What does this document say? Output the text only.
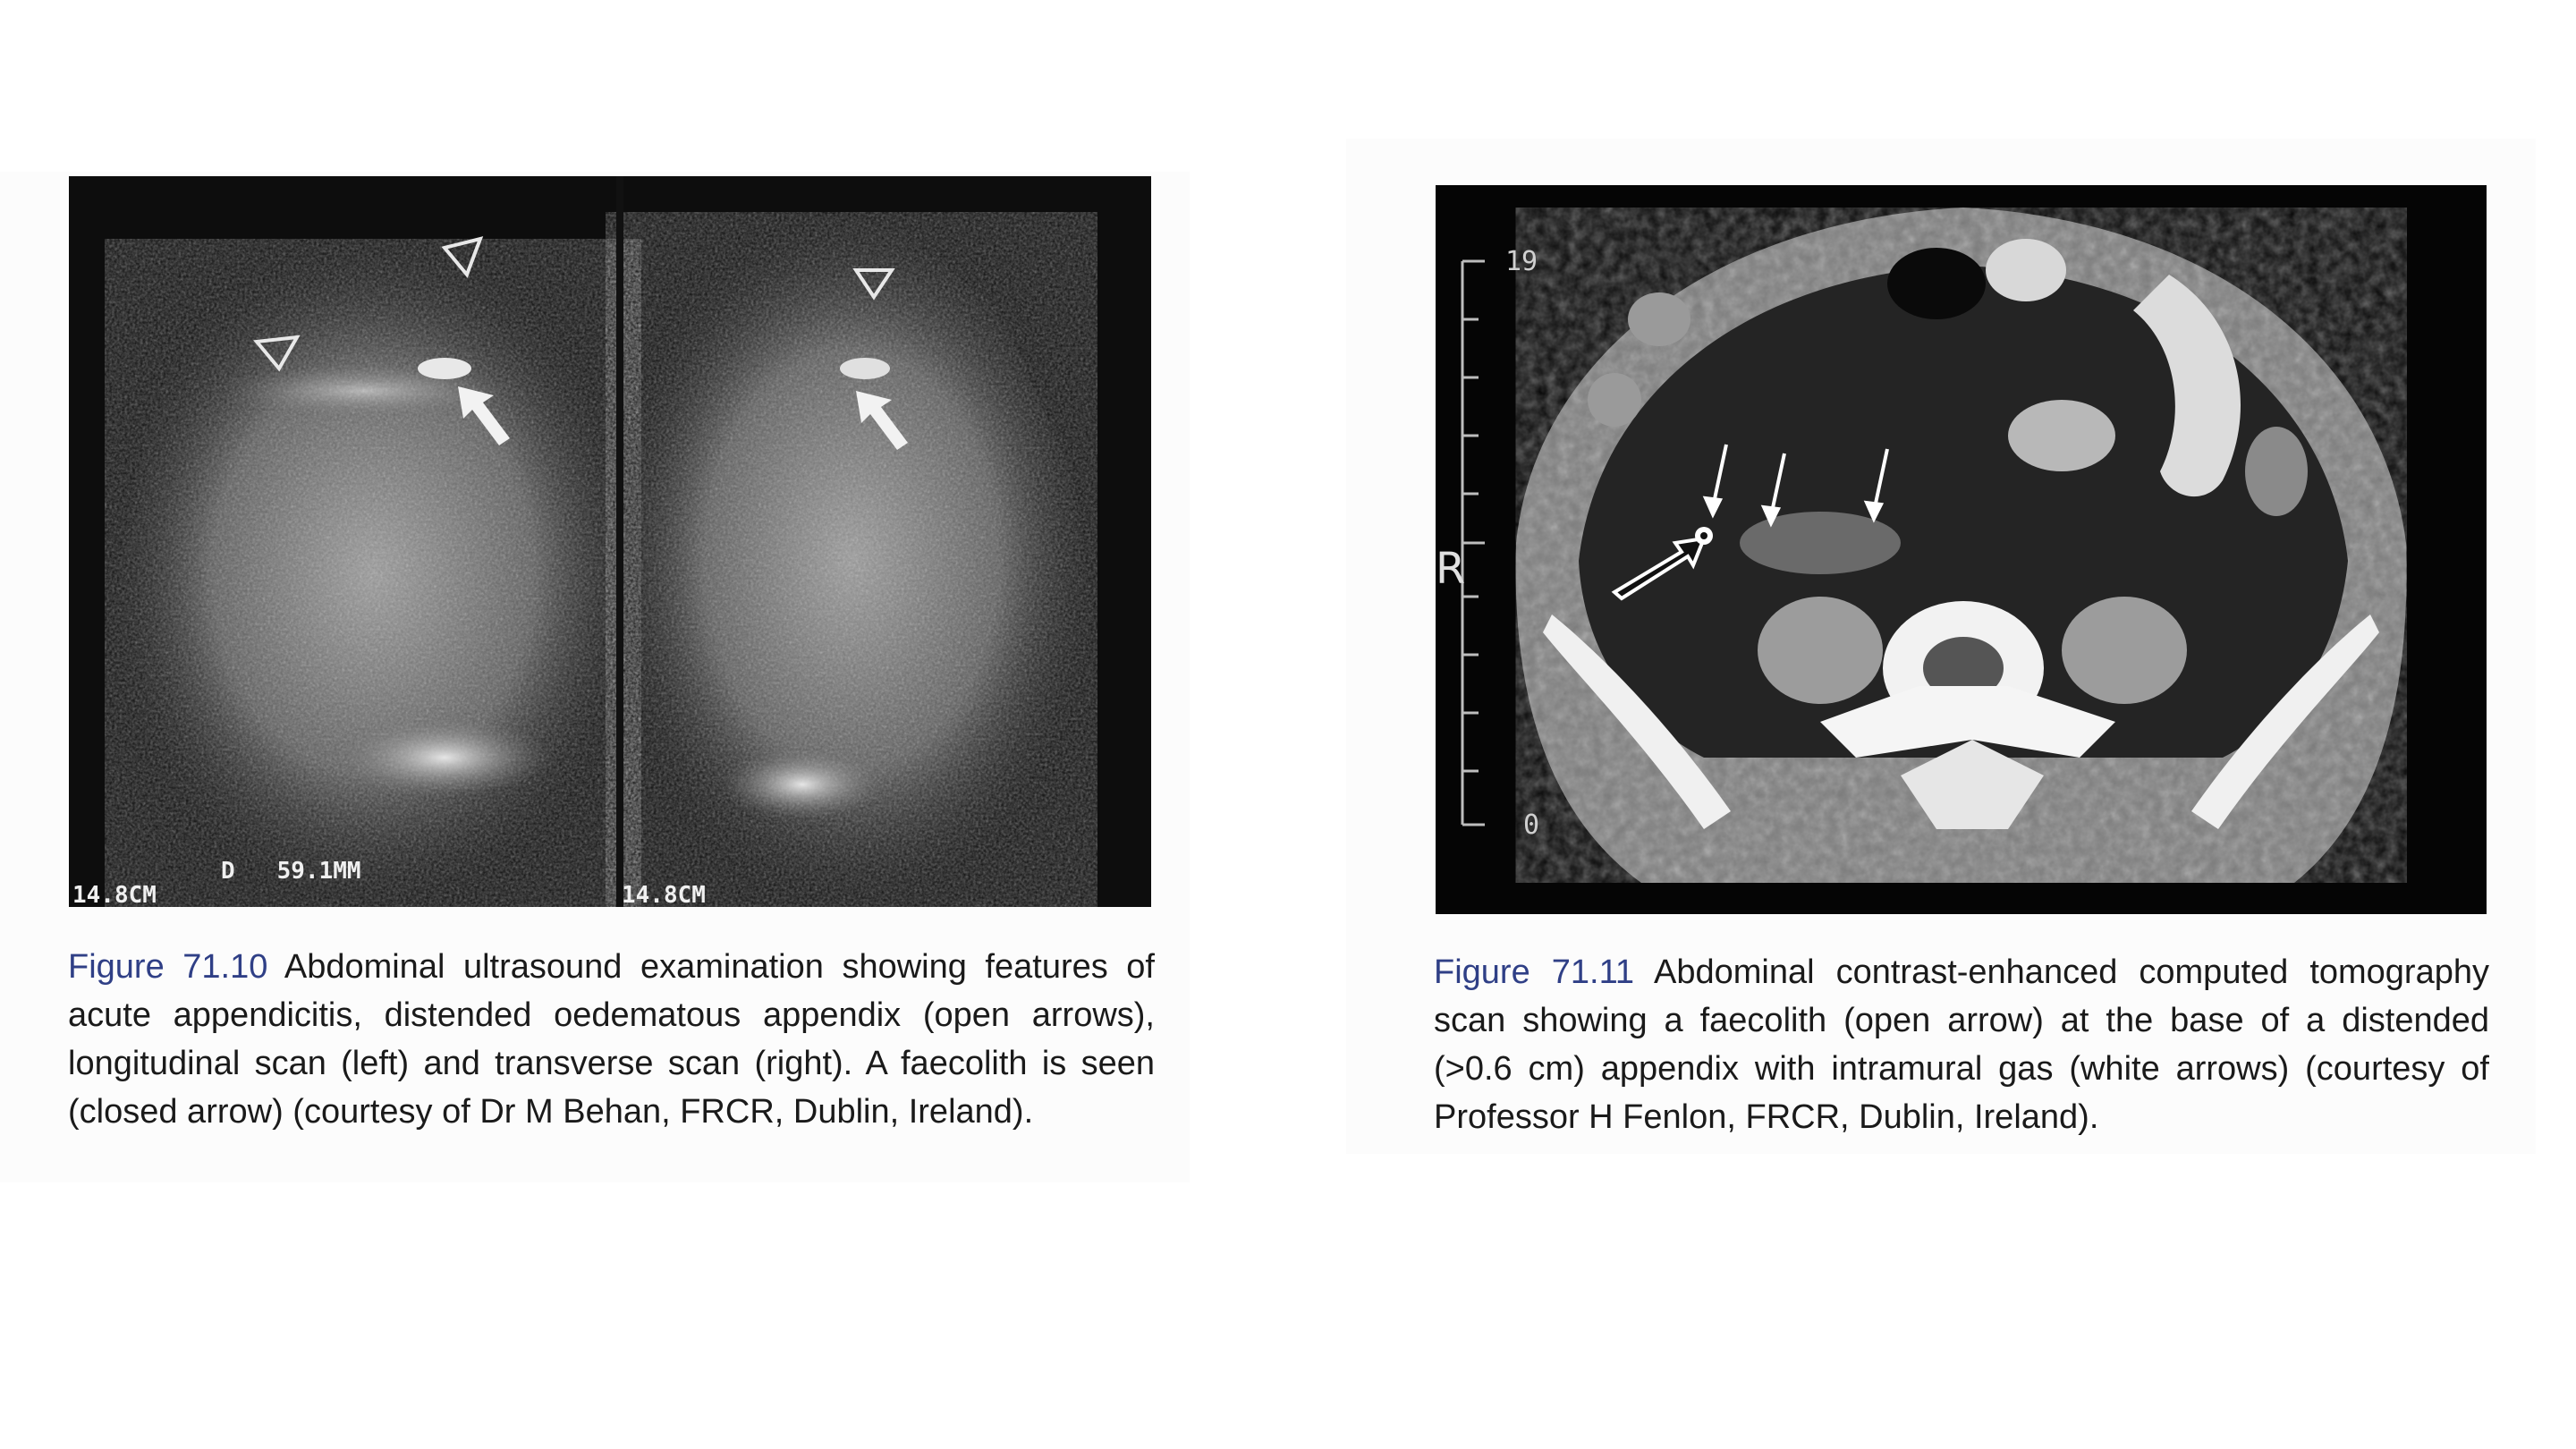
14.8CM	14.8CM
D   59.1MM
Figure 71.10 Abdominal ultrasound examination showing features of acute appendicitis, distended oedematous appendix (open arrows), longitudinal scan (left) and transverse scan (right). A faecolith is seen (closed arrow) (courtesy of Dr M Behan, FRCR, Dublin, Ireland).
19
0
R
Figure 71.11 Abdominal contrast-enhanced computed tomography scan showing a faecolith (open arrow) at the base of a distended (>0.6 cm) appendix with intramural gas (white arrows) (courtesy of Professor H Fenlon, FRCR, Dublin, Ireland).
